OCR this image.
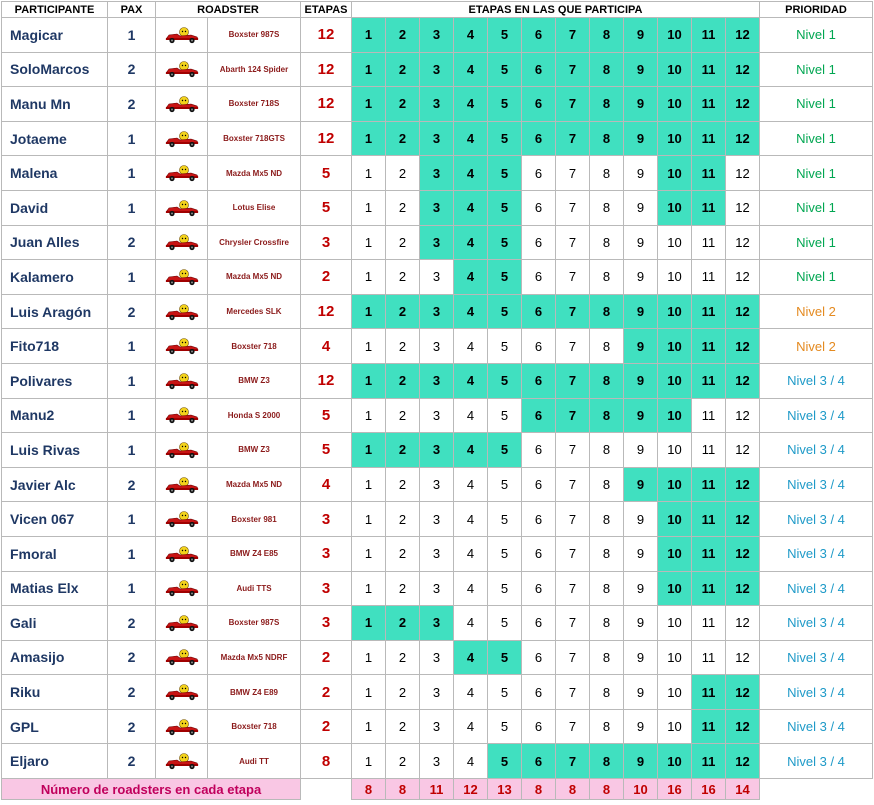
PARTICIPANTE	PAX	ROADSTER		ETAPAS	ETAPAS EN LAS QUE PARTICIPA												PRIORIDAD
Magicar	1		Boxster 987S	12	1	2	3	4	5	6	7	8	9	10	11	12	Nivel 1
SoloMarcos	2		Abarth 124 Spider	12	1	2	3	4	5	6	7	8	9	10	11	12	Nivel 1
Manu Mn	2		Boxster 718S	12	1	2	3	4	5	6	7	8	9	10	11	12	Nivel 1
Jotaeme	1		Boxster 718GTS	12	1	2	3	4	5	6	7	8	9	10	11	12	Nivel 1
Malena	1		Mazda Mx5 ND	5	1	2	3	4	5	6	7	8	9	10	11	12	Nivel 1
David	1		Lotus Elise	5	1	2	3	4	5	6	7	8	9	10	11	12	Nivel 1
Juan Alles	2		Chrysler Crossfire	3	1	2	3	4	5	6	7	8	9	10	11	12	Nivel 1
Kalamero	1		Mazda Mx5 ND	2	1	2	3	4	5	6	7	8	9	10	11	12	Nivel 1
Luis Aragón	2		Mercedes SLK	12	1	2	3	4	5	6	7	8	9	10	11	12	Nivel 2
Fito718	1		Boxster 718	4	1	2	3	4	5	6	7	8	9	10	11	12	Nivel 2
Polivares	1		BMW Z3	12	1	2	3	4	5	6	7	8	9	10	11	12	Nivel 3 / 4
Manu2	1		Honda S 2000	5	1	2	3	4	5	6	7	8	9	10	11	12	Nivel 3 / 4
Luis Rivas	1		BMW Z3	5	1	2	3	4	5	6	7	8	9	10	11	12	Nivel 3 / 4
Javier Alc	2		Mazda Mx5 ND	4	1	2	3	4	5	6	7	8	9	10	11	12	Nivel 3 / 4
Vicen 067	1		Boxster 981	3	1	2	3	4	5	6	7	8	9	10	11	12	Nivel 3 / 4
Fmoral	1		BMW Z4 E85	3	1	2	3	4	5	6	7	8	9	10	11	12	Nivel 3 / 4
Matias Elx	1		Audi TTS	3	1	2	3	4	5	6	7	8	9	10	11	12	Nivel 3 / 4
Gali	2		Boxster 987S	3	1	2	3	4	5	6	7	8	9	10	11	12	Nivel 3 / 4
Amasijo	2		Mazda Mx5 NDRF	2	1	2	3	4	5	6	7	8	9	10	11	12	Nivel 3 / 4
Riku	2		BMW Z4 E89	2	1	2	3	4	5	6	7	8	9	10	11	12	Nivel 3 / 4
GPL	2		Boxster 718	2	1	2	3	4	5	6	7	8	9	10	11	12	Nivel 3 / 4
Eljaro	2		Audi TT	8	1	2	3	4	5	6	7	8	9	10	11	12	Nivel 3 / 4
Número de roadsters en cada etapa					8	8	11	12	13	8	8	8	10	16	16	14	
